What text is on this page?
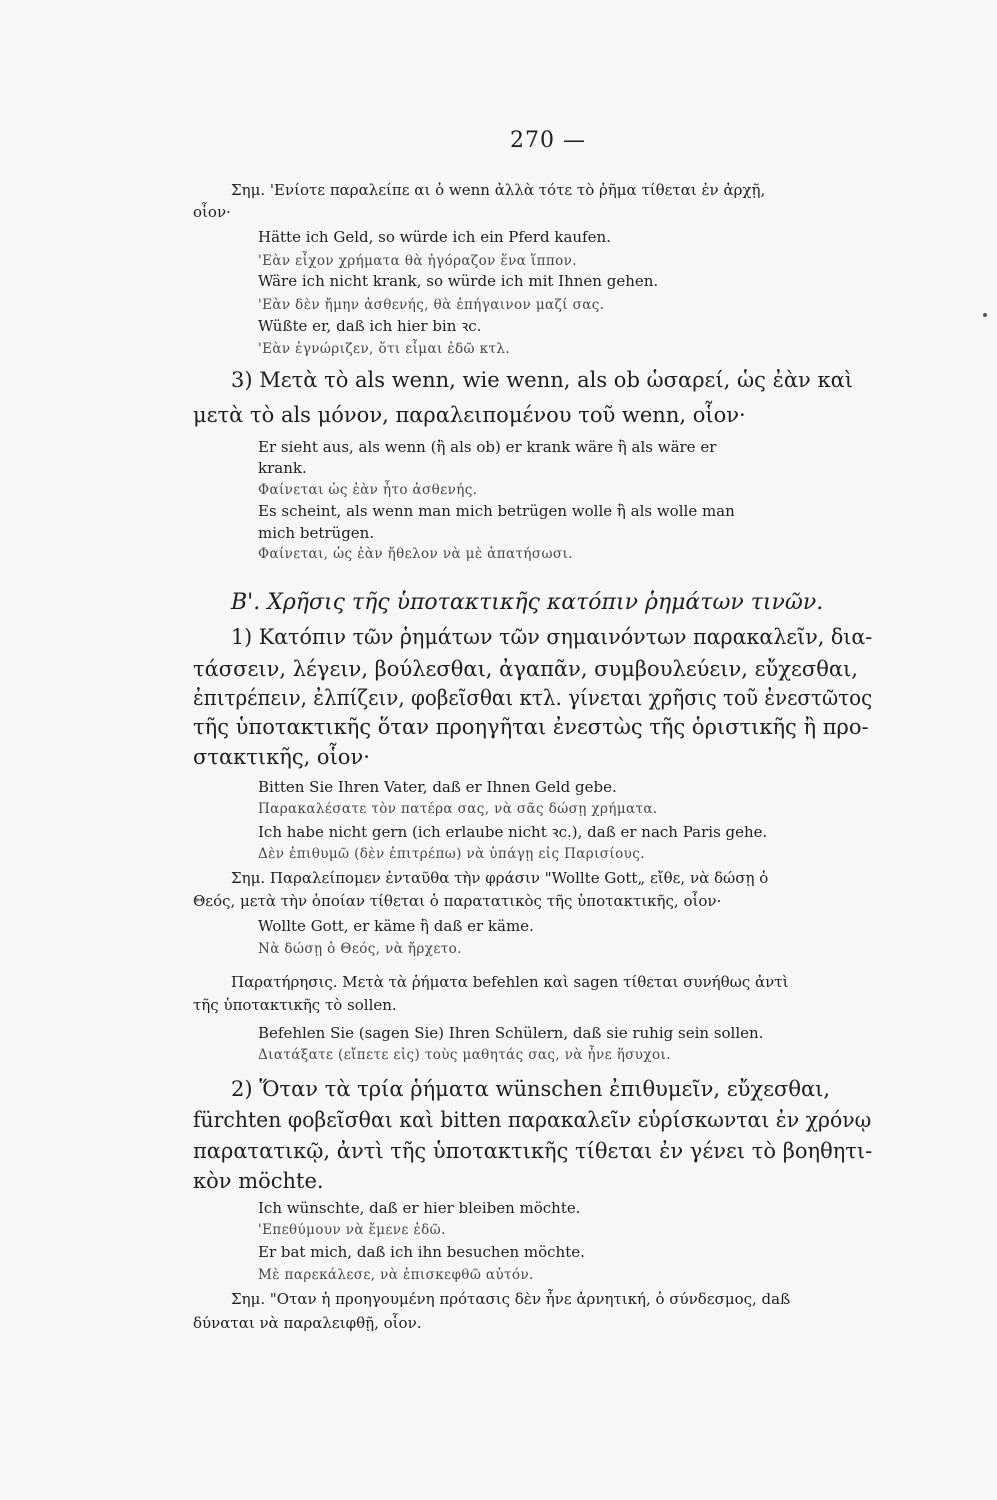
270 —
Σημ. 'Ενίοτε παραλείπε αι ὁ wenn ἀλλὰ τότε τὸ ῥῆμα τίθεται ἐν ἀρχῇ,
οἷον·
Hätte ich Geld, so würde ich ein Pferd kaufen.
'Εὰν εἶχον χρήματα θὰ ἠγόραζον ἕνα ἵππον.
Wäre ich nicht krank, so würde ich mit Ihnen gehen.
'Εὰν δὲν ἤμην ἀσθενής, θὰ ἐπήγαινον μαζί σας.
Wüßte er, daß ich hier bin ꝛc.
'Εὰν ἐγνώριζεν, ὅτι εἶμαι ἐδῶ κτλ.
3) Μετὰ τὸ als wenn, wie wenn, als ob ὡσαρεί, ὡς ἐὰν καὶ
μετὰ τὸ als μόνον, παραλειπομένου τοῦ wenn, οἷον·
Er sieht aus, als wenn (ἢ als ob) er krank wäre ἢ als wäre er
krank.
Φαίνεται ὡς ἐὰν ἦτο ἀσθενής.
Es scheint, als wenn man mich betrügen wolle ἢ als wolle man
mich betrügen.
Φαίνεται, ὡς ἐὰν ἤθελον νὰ μὲ ἀπατήσωσι.
Β'. Χρῆσις τῆς ὑποτακτικῆς κατόπιν ῥημάτων τινῶν.
1) Κατόπιν τῶν ῥημάτων τῶν σημαινόντων παρακαλεῖν, δια-
τάσσειν, λέγειν, βούλεσθαι, ἀγαπᾶν, συμβουλεύειν, εὔχεσθαι,
ἐπιτρέπειν, ἐλπίζειν, φοβεῖσθαι κτλ. γίνεται χρῆσις τοῦ ἐνεστῶτος
τῆς ὑποτακτικῆς ὅταν προηγῆται ἐνεστὼς τῆς ὁριστικῆς ἢ προ-
στακτικῆς, οἷον·
Bitten Sie Ihren Vater, daß er Ihnen Geld gebe.
Παρακαλέσατε τὸν πατέρα σας, νὰ σᾶς δώσῃ χρήματα.
Ich habe nicht gern (ich erlaube nicht ꝛc.), daß er nach Paris gehe.
Δὲν ἐπιθυμῶ (δὲν ἐπιτρέπω) νὰ ὑπάγῃ εἰς Παρισίους.
Σημ. Παραλείπομεν ἐνταῦθα τὴν φράσιν "Wollte Gott„ εἴθε, νὰ δώσῃ ὁ
Θεός, μετὰ τὴν ὁποίαν τίθεται ὁ παρατατικὸς τῆς ὑποτακτικῆς, οἷον·
Wollte Gott, er käme ἢ daß er käme.
Νὰ δώσῃ ὁ Θεός, νὰ ἤρχετο.
Παρατήρησις. Μετὰ τὰ ῥήματα befehlen καὶ sagen τίθεται συνήθως ἀντὶ
τῆς ὑποτακτικῆς τὸ sollen.
Befehlen Sie (sagen Sie) Ihren Schülern, daß sie ruhig sein sollen.
Διατάξατε (εἴπετε εἰς) τοὺς μαθητάς σας, νὰ ἦνε ἥσυχοι.
2) Ὅταν τὰ τρία ῥήματα wünschen ἐπιθυμεῖν, εὔχεσθαι,
fürchten φοβεῖσθαι καὶ bitten παρακαλεῖν εὑρίσκωνται ἐν χρόνῳ
παρατατικῷ, ἀντὶ τῆς ὑποτακτικῆς τίθεται ἐν γένει τὸ βοηθητι-
κὸν möchte.
Ich wünschte, daß er hier bleiben möchte.
'Επεθύμουν νὰ ἔμενε ἐδῶ.
Er bat mich, daß ich ihn besuchen möchte.
Μὲ παρεκάλεσε, νὰ ἐπισκεφθῶ αὐτόν.
Σημ. "Οταν ἡ προηγουμένη πρότασις δὲν ἦνε ἀρνητική, ὁ σύνδεσμος, daß
δύναται νὰ παραλειφθῇ, οἷον.
